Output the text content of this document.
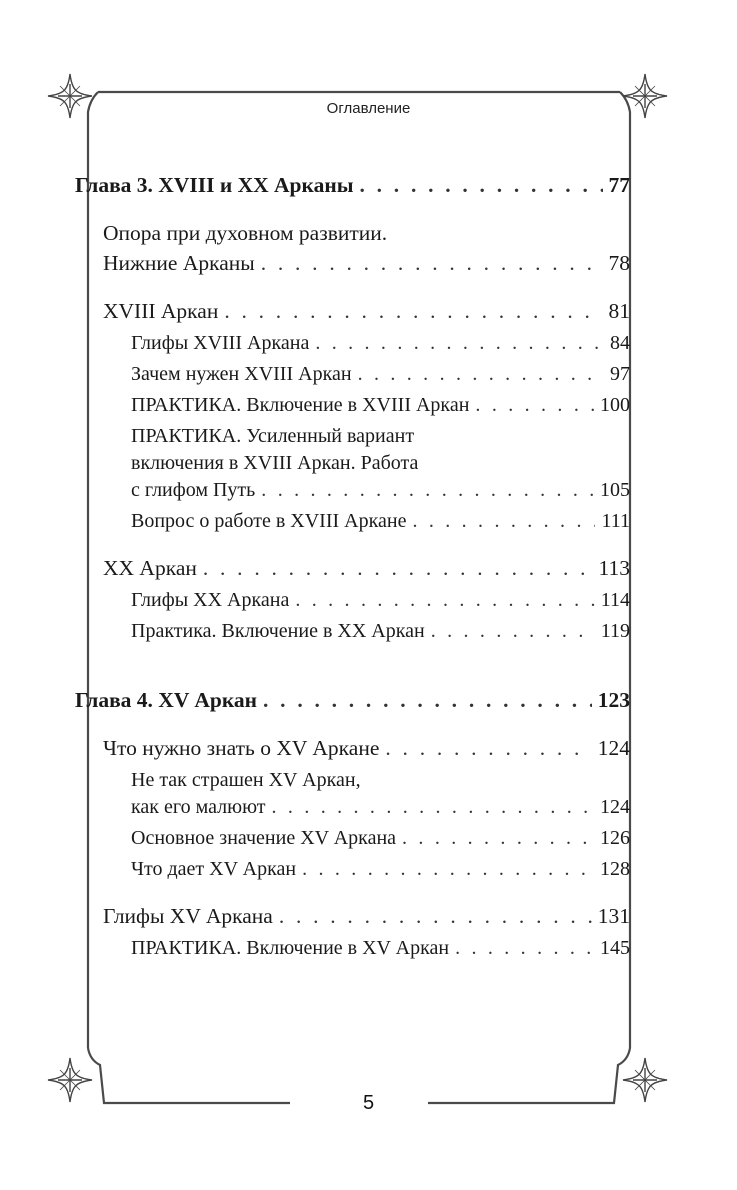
Оглавление
Глава 3. XVIII и XX Арканы . . .	77
Опора при духовном развитии.
Нижние Арканы . . .	78
XVIII Аркан . . .	81
Глифы XVIII Аркана . . .	84
Зачем нужен XVIII Аркан . . .	97
ПРАКТИКА. Включение в XVIII Аркан . . .	100
ПРАКТИКА. Усиленный вариант
включения в XVIII Аркан. Работа
с глифом Путь . . .	105
Вопрос о работе в XVIII Аркане . . .	111
XX Аркан . . .	113
Глифы XX Аркана . . .	114
Практика. Включение в XX Аркан . . .	119
Глава 4. XV Аркан . . .	123
Что нужно знать о XV Аркане . . .	124
Не так страшен XV Аркан,
как его малюют . . .	124
Основное значение XV Аркана . . .	126
Что дает XV Аркан . . .	128
Глифы XV Аркана . . .	131
ПРАКТИКА. Включение в XV Аркан . . .	145
5
